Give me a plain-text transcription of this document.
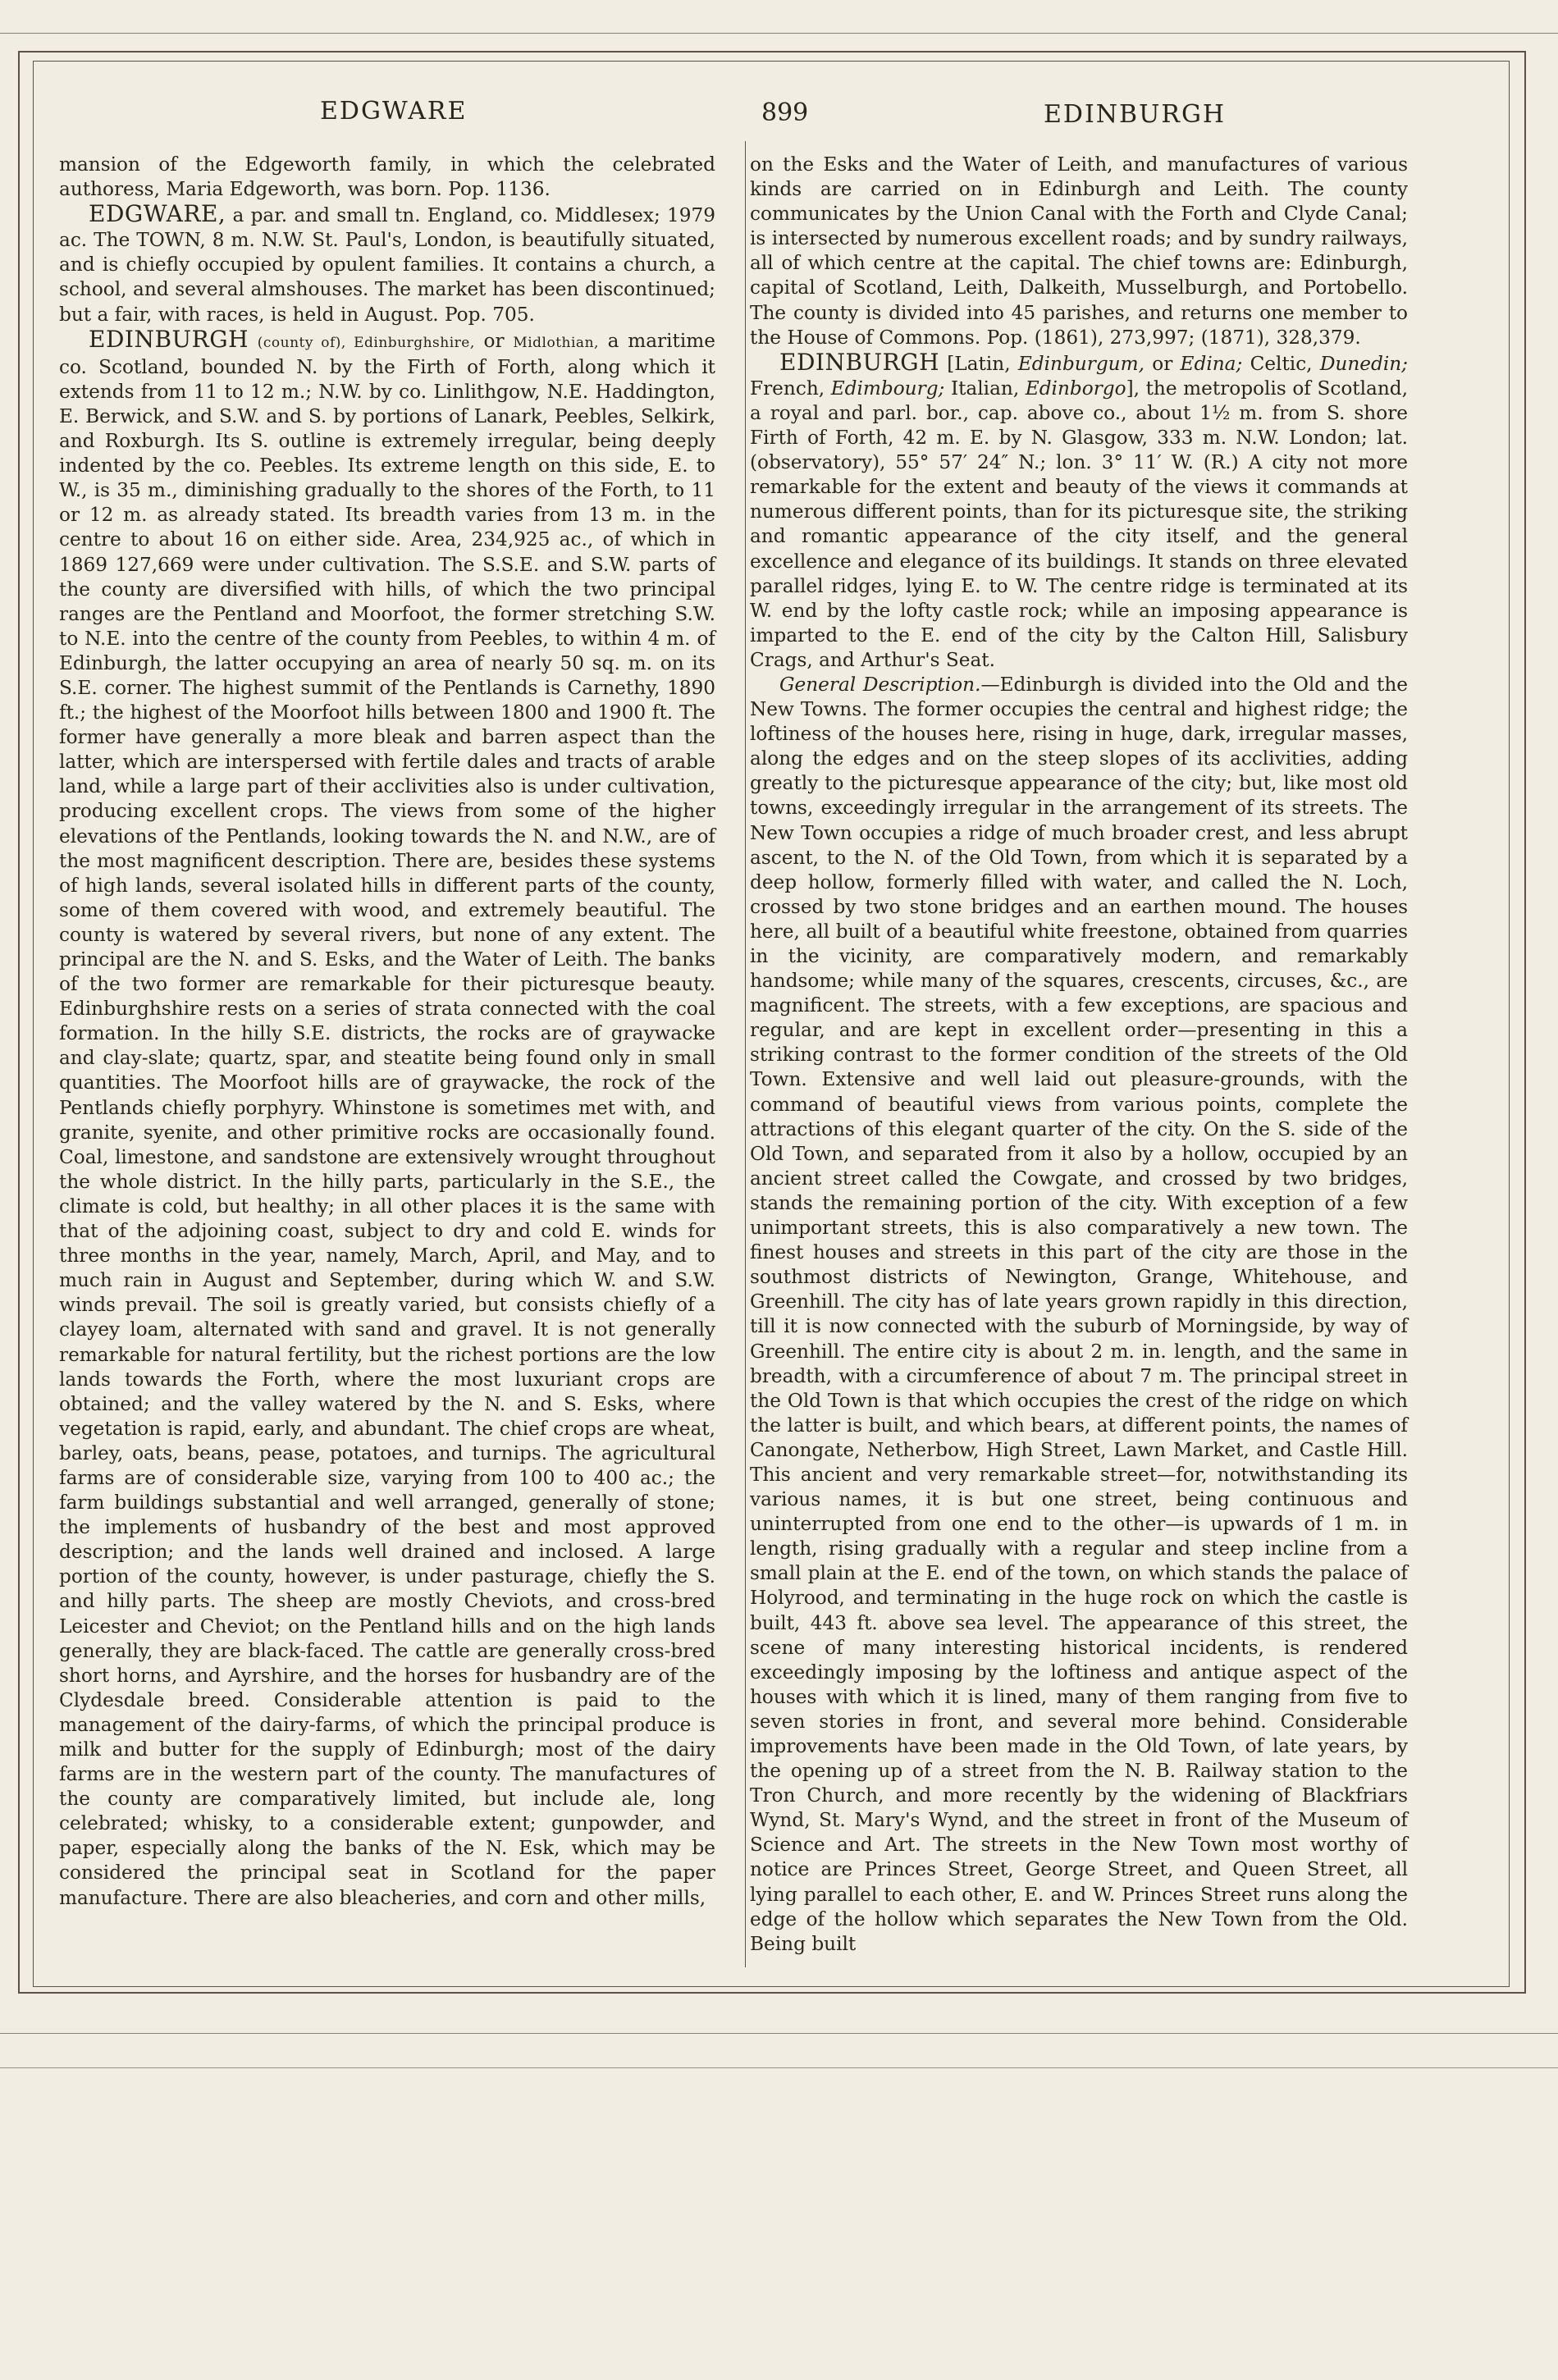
EDGWARE	899	EDINBURGH

mansion of the Edgeworth family, in which the celebrated authoress, Maria Edgeworth, was born. Pop. 1136.

EDGWARE, a par. and small tn. England, co. Middlesex; 1979 ac. The TOWN, 8 m. N.W. St. Paul's, London, is beautifully situated, and is chiefly occupied by opulent families. It contains a church, a school, and several almshouses. The market has been discontinued; but a fair, with races, is held in August. Pop. 705.

EDINBURGH (county of), Edinburghshire, or Midlothian, a maritime co. Scotland, bounded N. by the Firth of Forth, along which it extends from 11 to 12 m.; N.W. by co. Linlithgow, N.E. Haddington, E. Berwick, and S.W. and S. by portions of Lanark, Peebles, Selkirk, and Roxburgh. Its S. outline is extremely irregular, being deeply indented by the co. Peebles. Its extreme length on this side, E. to W., is 35 m., diminishing gradually to the shores of the Forth, to 11 or 12 m. as already stated. Its breadth varies from 13 m. in the centre to about 16 on either side. Area, 234,925 ac., of which in 1869 127,669 were under cultivation. The S.S.E. and S.W. parts of the county are diversified with hills, of which the two principal ranges are the Pentland and Moorfoot, the former stretching S.W. to N.E. into the centre of the county from Peebles, to within 4 m. of Edinburgh, the latter occupying an area of nearly 50 sq. m. on its S.E. corner. The highest summit of the Pentlands is Carnethy, 1890 ft.; the highest of the Moorfoot hills between 1800 and 1900 ft. The former have generally a more bleak and barren aspect than the latter, which are interspersed with fertile dales and tracts of arable land, while a large part of their acclivities also is under cultivation, producing excellent crops. The views from some of the higher elevations of the Pentlands, looking towards the N. and N.W., are of the most magnificent description. There are, besides these systems of high lands, several isolated hills in different parts of the county, some of them covered with wood, and extremely beautiful. The county is watered by several rivers, but none of any extent. The principal are the N. and S. Esks, and the Water of Leith. The banks of the two former are remarkable for their picturesque beauty. Edinburghshire rests on a series of strata connected with the coal formation. In the hilly S.E. districts, the rocks are of graywacke and clay-slate; quartz, spar, and steatite being found only in small quantities. The Moorfoot hills are of graywacke, the rock of the Pentlands chiefly porphyry. Whinstone is sometimes met with, and granite, syenite, and other primitive rocks are occasionally found. Coal, limestone, and sandstone are extensively wrought throughout the whole district. In the hilly parts, particularly in the S.E., the climate is cold, but healthy; in all other places it is the same with that of the adjoining coast, subject to dry and cold E. winds for three months in the year, namely, March, April, and May, and to much rain in August and September, during which W. and S.W. winds prevail. The soil is greatly varied, but consists chiefly of a clayey loam, alternated with sand and gravel. It is not generally remarkable for natural fertility, but the richest portions are the low lands towards the Forth, where the most luxuriant crops are obtained; and the valley watered by the N. and S. Esks, where vegetation is rapid, early, and abundant. The chief crops are wheat, barley, oats, beans, pease, potatoes, and turnips. The agricultural farms are of considerable size, varying from 100 to 400 ac.; the farm buildings substantial and well arranged, generally of stone; the implements of husbandry of the best and most approved description; and the lands well drained and inclosed. A large portion of the county, however, is under pasturage, chiefly the S. and hilly parts. The sheep are mostly Cheviots, and cross-bred Leicester and Cheviot; on the Pentland hills and on the high lands generally, they are black-faced. The cattle are generally cross-bred short horns, and Ayrshire, and the horses for husbandry are of the Clydesdale breed. Considerable attention is paid to the management of the dairy-farms, of which the principal produce is milk and butter for the supply of Edinburgh; most of the dairy farms are in the western part of the county. The manufactures of the county are comparatively limited, but include ale, long celebrated; whisky, to a considerable extent; gunpowder, and paper, especially along the banks of the N. Esk, which may be considered the principal seat in Scotland for the paper manufacture. There are also bleacheries, and corn and other mills,

on the Esks and the Water of Leith, and manufactures of various kinds are carried on in Edinburgh and Leith. The county communicates by the Union Canal with the Forth and Clyde Canal; is intersected by numerous excellent roads; and by sundry railways, all of which centre at the capital. The chief towns are: Edinburgh, capital of Scotland, Leith, Dalkeith, Musselburgh, and Portobello. The county is divided into 45 parishes, and returns one member to the House of Commons. Pop. (1861), 273,997; (1871), 328,379.

EDINBURGH [Latin, Edinburgum, or Edina; Celtic, Dunedin; French, Edimbourg; Italian, Edinborgo], the metropolis of Scotland, a royal and parl. bor., cap. above co., about 1½ m. from S. shore Firth of Forth, 42 m. E. by N. Glasgow, 333 m. N.W. London; lat. (observatory), 55° 57′ 24″ N.; lon. 3° 11′ W. (R.) A city not more remarkable for the extent and beauty of the views it commands at numerous different points, than for its picturesque site, the striking and romantic appearance of the city itself, and the general excellence and elegance of its buildings. It stands on three elevated parallel ridges, lying E. to W. The centre ridge is terminated at its W. end by the lofty castle rock; while an imposing appearance is imparted to the E. end of the city by the Calton Hill, Salisbury Crags, and Arthur's Seat.

General Description.—Edinburgh is divided into the Old and the New Towns. The former occupies the central and highest ridge; the loftiness of the houses here, rising in huge, dark, irregular masses, along the edges and on the steep slopes of its acclivities, adding greatly to the picturesque appearance of the city; but, like most old towns, exceedingly irregular in the arrangement of its streets. The New Town occupies a ridge of much broader crest, and less abrupt ascent, to the N. of the Old Town, from which it is separated by a deep hollow, formerly filled with water, and called the N. Loch, crossed by two stone bridges and an earthen mound. The houses here, all built of a beautiful white freestone, obtained from quarries in the vicinity, are comparatively modern, and remarkably handsome; while many of the squares, crescents, circuses, &c., are magnificent. The streets, with a few exceptions, are spacious and regular, and are kept in excellent order—presenting in this a striking contrast to the former condition of the streets of the Old Town. Extensive and well laid out pleasure-grounds, with the command of beautiful views from various points, complete the attractions of this elegant quarter of the city. On the S. side of the Old Town, and separated from it also by a hollow, occupied by an ancient street called the Cowgate, and crossed by two bridges, stands the remaining portion of the city. With exception of a few unimportant streets, this is also comparatively a new town. The finest houses and streets in this part of the city are those in the southmost districts of Newington, Grange, Whitehouse, and Greenhill. The city has of late years grown rapidly in this direction, till it is now connected with the suburb of Morningside, by way of Greenhill. The entire city is about 2 m. in. length, and the same in breadth, with a circumference of about 7 m. The principal street in the Old Town is that which occupies the crest of the ridge on which the latter is built, and which bears, at different points, the names of Canongate, Netherbow, High Street, Lawn Market, and Castle Hill. This ancient and very remarkable street—for, notwithstanding its various names, it is but one street, being continuous and uninterrupted from one end to the other—is upwards of 1 m. in length, rising gradually with a regular and steep incline from a small plain at the E. end of the town, on which stands the palace of Holyrood, and terminating in the huge rock on which the castle is built, 443 ft. above sea level. The appearance of this street, the scene of many interesting historical incidents, is rendered exceedingly imposing by the loftiness and antique aspect of the houses with which it is lined, many of them ranging from five to seven stories in front, and several more behind. Considerable improvements have been made in the Old Town, of late years, by the opening up of a street from the N. B. Railway station to the Tron Church, and more recently by the widening of Blackfriars Wynd, St. Mary's Wynd, and the street in front of the Museum of Science and Art. The streets in the New Town most worthy of notice are Princes Street, George Street, and Queen Street, all lying parallel to each other, E. and W. Princes Street runs along the edge of the hollow which separates the New Town from the Old. Being built
